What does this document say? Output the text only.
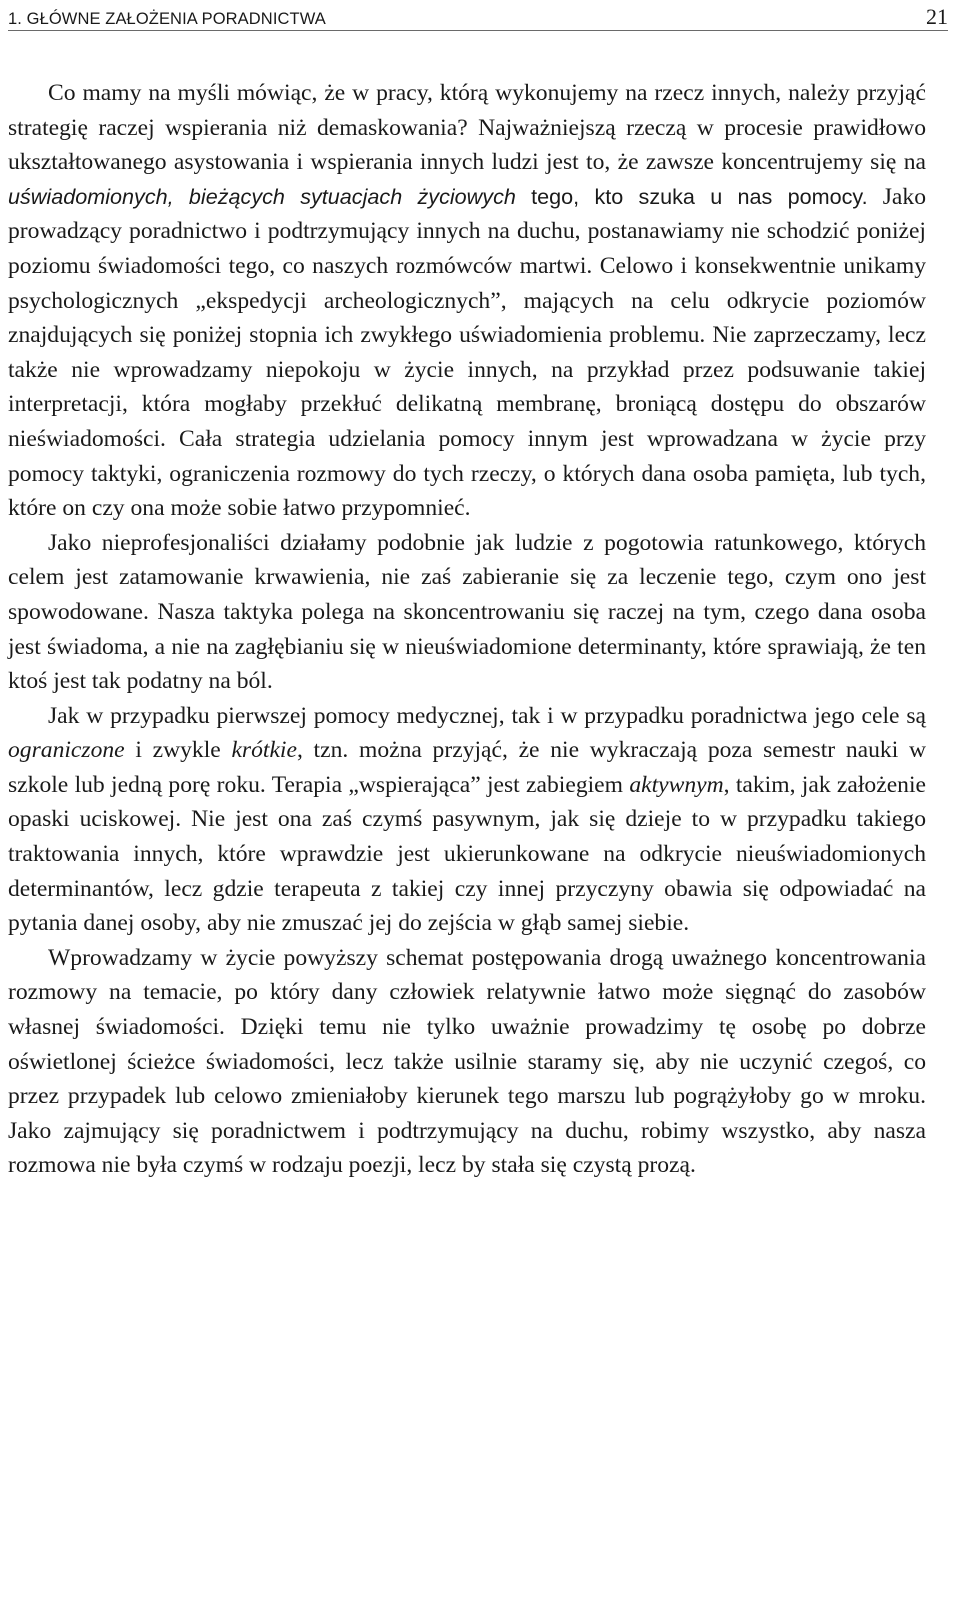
1. GŁÓWNE ZAŁOŻENIA PORADNICTWA	21

Co mamy na myśli mówiąc, że w pracy, którą wykonujemy na rzecz innych, należy przyjąć strategię raczej wspierania niż demaskowania? Najważniejszą rzeczą w procesie prawidłowo ukształtowanego asystowania i wspierania innych ludzi jest to, że zawsze koncentrujemy się na uświadomionych, bieżących sytuacjach życiowych tego, kto szuka u nas pomocy. Jako prowadzący poradnictwo i podtrzymujący innych na duchu, postanawiamy nie schodzić poniżej poziomu świadomości tego, co naszych rozmówców martwi. Celowo i konsekwentnie unikamy psychologicznych „ekspedycji archeologicznych”, mających na celu odkrycie poziomów znajdujących się poniżej stopnia ich zwykłego uświadomienia problemu. Nie zaprzeczamy, lecz także nie wprowadzamy niepokoju w życie innych, na przykład przez podsuwanie takiej interpretacji, która mogłaby przekłuć delikatną membranę, broniącą dostępu do obszarów nieświadomości. Cała strategia udzielania pomocy innym jest wprowadzana w życie przy pomocy taktyki, ograniczenia rozmowy do tych rzeczy, o których dana osoba pamięta, lub tych, które on czy ona może sobie łatwo przypomnieć.

Jako nieprofesjonaliści działamy podobnie jak ludzie z pogotowia ratunkowego, których celem jest zatamowanie krwawienia, nie zaś zabieranie się za leczenie tego, czym ono jest spowodowane. Nasza taktyka polega na skoncentrowaniu się raczej na tym, czego dana osoba jest świadoma, a nie na zagłębianiu się w nieuświadomione determinanty, które sprawiają, że ten ktoś jest tak podatny na ból.

Jak w przypadku pierwszej pomocy medycznej, tak i w przypadku poradnictwa jego cele są ograniczone i zwykle krótkie, tzn. można przyjąć, że nie wykraczają poza semestr nauki w szkole lub jedną porę roku. Terapia „wspierająca” jest zabiegiem aktywnym, takim, jak założenie opaski uciskowej. Nie jest ona zaś czymś pasywnym, jak się dzieje to w przypadku takiego traktowania innych, które wprawdzie jest ukierunkowane na odkrycie nieuświadomionych determinantów, lecz gdzie terapeuta z takiej czy innej przyczyny obawia się odpowiadać na pytania danej osoby, aby nie zmuszać jej do zejścia w głąb samej siebie.

Wprowadzamy w życie powyższy schemat postępowania drogą uważnego koncentrowania rozmowy na temacie, po który dany człowiek relatywnie łatwo może sięgnąć do zasobów własnej świadomości. Dzięki temu nie tylko uważnie prowadzimy tę osobę po dobrze oświetlonej ścieżce świadomości, lecz także usilnie staramy się, aby nie uczynić czegoś, co przez przypadek lub celowo zmieniałoby kierunek tego marszu lub pogrążyłoby go w mroku. Jako zajmujący się poradnictwem i podtrzymujący na duchu, robimy wszystko, aby nasza rozmowa nie była czymś w rodzaju poezji, lecz by stała się czystą prozą.
